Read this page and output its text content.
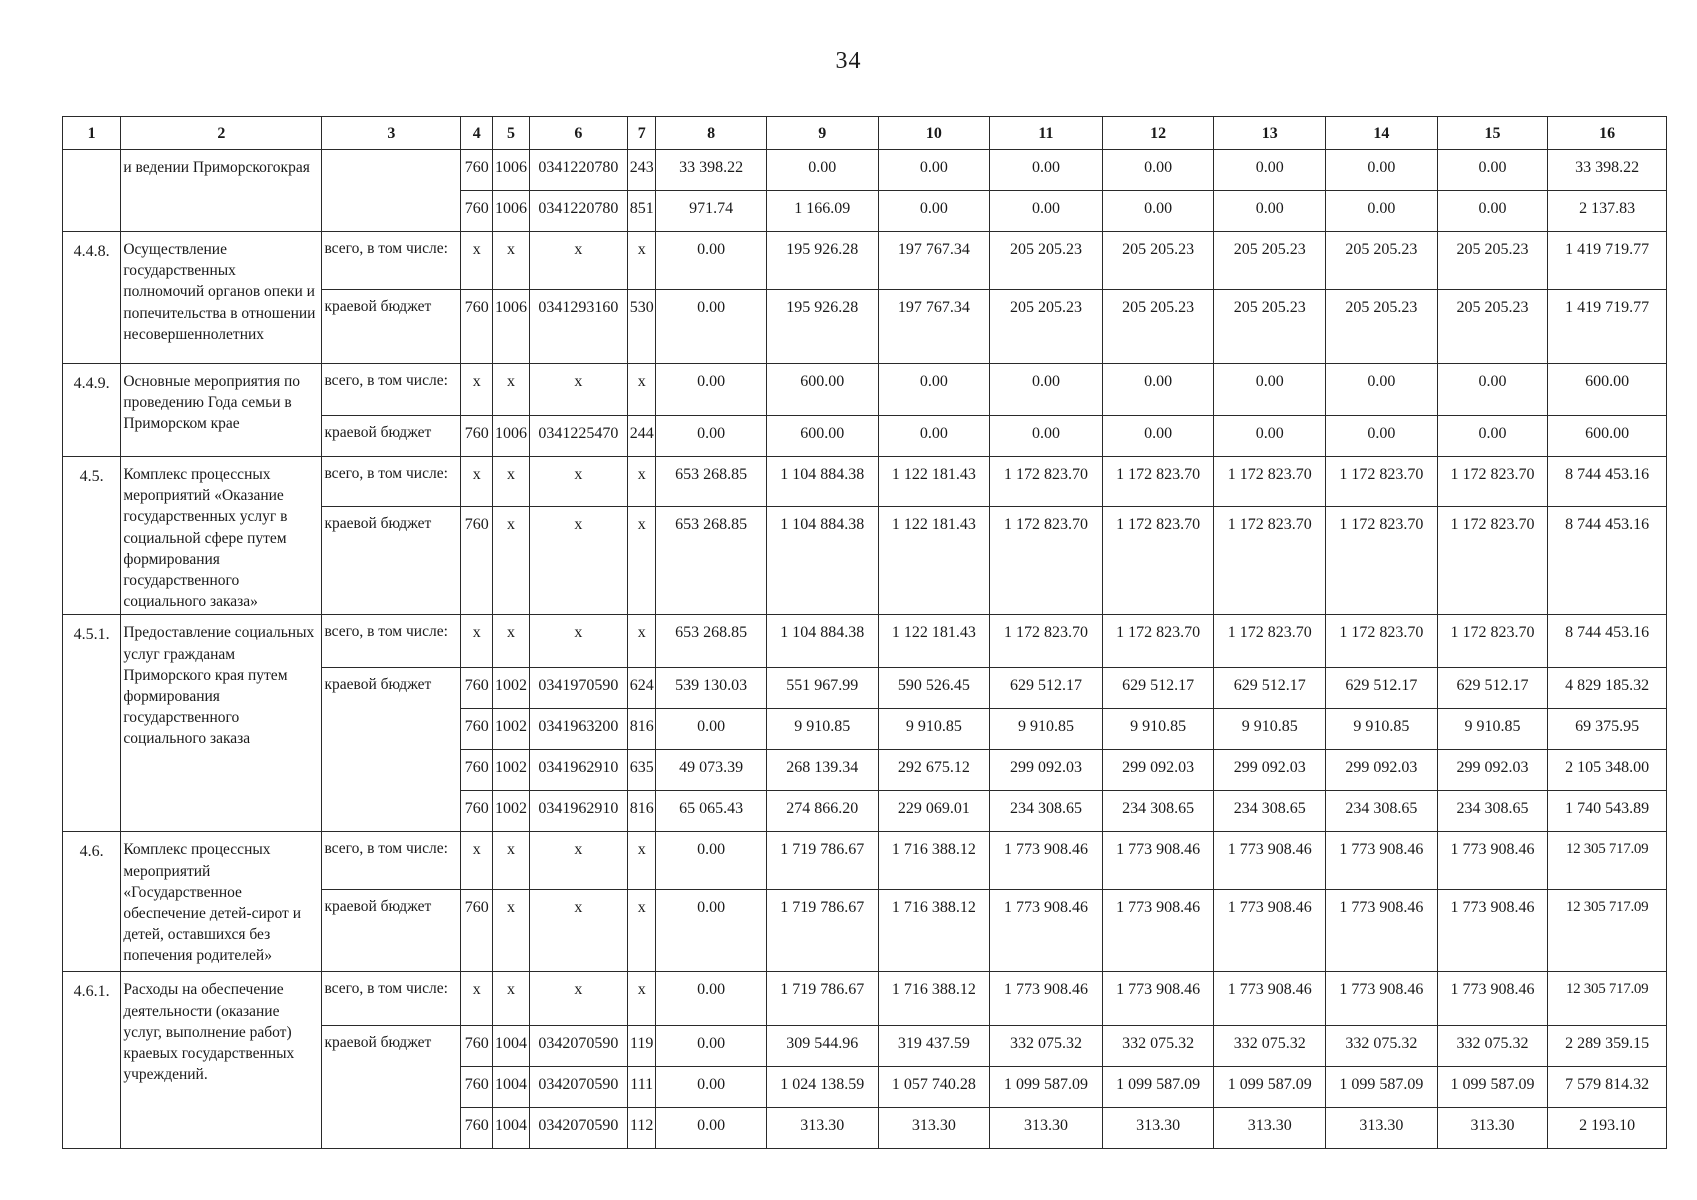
34
1	2	3	4	5	6	7	8	9	10	11	12	13	14	15	16
	и ведении Приморскогокрая		760	1006	0341220780	243	33 398.22	0.00	0.00	0.00	0.00	0.00	0.00	0.00	33 398.22
			760	1006	0341220780	851	971.74	1 166.09	0.00	0.00	0.00	0.00	0.00	0.00	2 137.83
4.4.8.	Осуществление государственных полномочий органов опеки и попечительства в отношении несовершеннолетних	всего, в том числе:	x	x	x	x	0.00	195 926.28	197 767.34	205 205.23	205 205.23	205 205.23	205 205.23	205 205.23	1 419 719.77
		краевой бюджет	760	1006	0341293160	530	0.00	195 926.28	197 767.34	205 205.23	205 205.23	205 205.23	205 205.23	205 205.23	1 419 719.77
4.4.9.	Основные мероприятия по проведению Года семьи в Приморском крае	всего, в том числе:	x	x	x	x	0.00	600.00	0.00	0.00	0.00	0.00	0.00	0.00	600.00
		краевой бюджет	760	1006	0341225470	244	0.00	600.00	0.00	0.00	0.00	0.00	0.00	0.00	600.00
4.5.	Комплекс процессных мероприятий «Оказание государственных услуг в социальной сфере путем формирования государственного социального заказа»	всего, в том числе:	x	x	x	x	653 268.85	1 104 884.38	1 122 181.43	1 172 823.70	1 172 823.70	1 172 823.70	1 172 823.70	1 172 823.70	8 744 453.16
		краевой бюджет	760	x	x	x	653 268.85	1 104 884.38	1 122 181.43	1 172 823.70	1 172 823.70	1 172 823.70	1 172 823.70	1 172 823.70	8 744 453.16
4.5.1.	Предоставление социальных услуг гражданам Приморского края путем формирования государственного социального заказа	всего, в том числе:	x	x	x	x	653 268.85	1 104 884.38	1 122 181.43	1 172 823.70	1 172 823.70	1 172 823.70	1 172 823.70	1 172 823.70	8 744 453.16
		краевой бюджет	760	1002	0341970590	624	539 130.03	551 967.99	590 526.45	629 512.17	629 512.17	629 512.17	629 512.17	629 512.17	4 829 185.32
			760	1002	0341963200	816	0.00	9 910.85	9 910.85	9 910.85	9 910.85	9 910.85	9 910.85	9 910.85	69 375.95
			760	1002	0341962910	635	49 073.39	268 139.34	292 675.12	299 092.03	299 092.03	299 092.03	299 092.03	299 092.03	2 105 348.00
			760	1002	0341962910	816	65 065.43	274 866.20	229 069.01	234 308.65	234 308.65	234 308.65	234 308.65	234 308.65	1 740 543.89
4.6.	Комплекс процессных мероприятий «Государственное обеспечение детей-сирот и детей, оставшихся без попечения родителей»	всего, в том числе:	x	x	x	x	0.00	1 719 786.67	1 716 388.12	1 773 908.46	1 773 908.46	1 773 908.46	1 773 908.46	1 773 908.46	12 305 717.09
		краевой бюджет	760	x	x	x	0.00	1 719 786.67	1 716 388.12	1 773 908.46	1 773 908.46	1 773 908.46	1 773 908.46	1 773 908.46	12 305 717.09
4.6.1.	Расходы на обеспечение деятельности (оказание услуг, выполнение работ) краевых государственных учреждений.	всего, в том числе:	x	x	x	x	0.00	1 719 786.67	1 716 388.12	1 773 908.46	1 773 908.46	1 773 908.46	1 773 908.46	1 773 908.46	12 305 717.09
		краевой бюджет	760	1004	0342070590	119	0.00	309 544.96	319 437.59	332 075.32	332 075.32	332 075.32	332 075.32	332 075.32	2 289 359.15
			760	1004	0342070590	111	0.00	1 024 138.59	1 057 740.28	1 099 587.09	1 099 587.09	1 099 587.09	1 099 587.09	1 099 587.09	7 579 814.32
			760	1004	0342070590	112	0.00	313.30	313.30	313.30	313.30	313.30	313.30	313.30	2 193.10
